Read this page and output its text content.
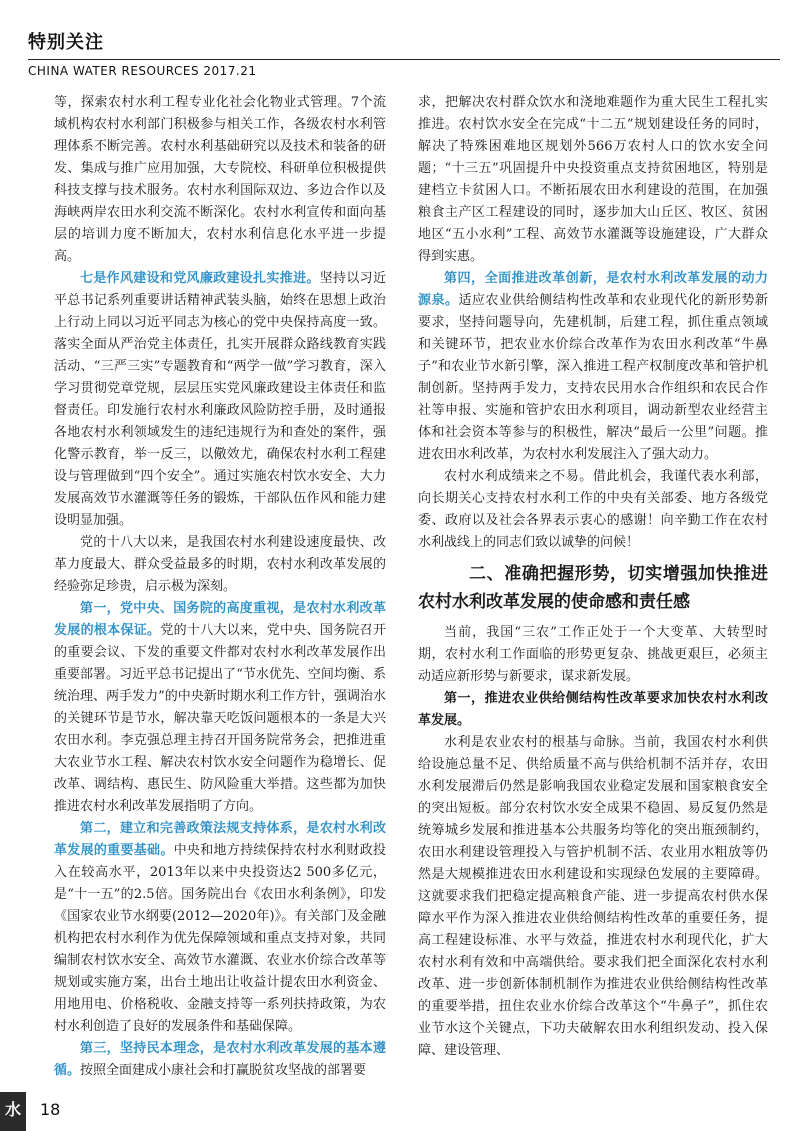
特别关注
CHINA WATER RESOURCES 2017.21

等，探索农村水利工程专业化社会化物业式管理。7个流域机构农村水利部门积极参与相关工作，各级农村水利管理体系不断完善。农村水利基础研究以及技术和装备的研发、集成与推广应用加强，大专院校、科研单位积极提供科技支撑与技术服务。农村水利国际双边、多边合作以及海峡两岸农田水利交流不断深化。农村水利宣传和面向基层的培训力度不断加大，农村水利信息化水平进一步提高。

七是作风建设和党风廉政建设扎实推进。坚持以习近平总书记系列重要讲话精神武装头脑，始终在思想上政治上行动上同以习近平同志为核心的党中央保持高度一致。落实全面从严治党主体责任，扎实开展群众路线教育实践活动、“三严三实”专题教育和“两学一做”学习教育，深入学习贯彻党章党规，层层压实党风廉政建设主体责任和监督责任。印发施行农村水利廉政风险防控手册，及时通报各地农村水利领域发生的违纪违规行为和查处的案件，强化警示教育，举一反三，以儆效尤，确保农村水利工程建设与管理做到“四个安全”。通过实施农村饮水安全、大力发展高效节水灌溉等任务的锻炼，干部队伍作风和能力建设明显加强。

党的十八大以来，是我国农村水利建设速度最快、改革力度最大、群众受益最多的时期，农村水利改革发展的经验弥足珍贵，启示极为深刻。

第一，党中央、国务院的高度重视，是农村水利改革发展的根本保证。党的十八大以来，党中央、国务院召开的重要会议、下发的重要文件都对农村水利改革发展作出重要部署。习近平总书记提出了“节水优先、空间均衡、系统治理、两手发力”的中央新时期水利工作方针，强调治水的关键环节是节水，解决靠天吃饭问题根本的一条是大兴农田水利。李克强总理主持召开国务院常务会，把推进重大农业节水工程、解决农村饮水安全问题作为稳增长、促改革、调结构、惠民生、防风险重大举措。这些都为加快推进农村水利改革发展指明了方向。

第二，建立和完善政策法规支持体系，是农村水利改革发展的重要基础。中央和地方持续保持农村水利财政投入在较高水平，2013年以来中央投资达2 500多亿元，是“十一五”的2.5倍。国务院出台《农田水利条例》，印发《国家农业节水纲要(2012—2020年)》。有关部门及金融机构把农村水利作为优先保障领域和重点支持对象，共同编制农村饮水安全、高效节水灌溉、农业水价综合改革等规划或实施方案，出台土地出让收益计提农田水利资金、用地用电、价格税收、金融支持等一系列扶持政策，为农村水利创造了良好的发展条件和基础保障。

第三，坚持民本理念，是农村水利改革发展的基本遵循。按照全面建成小康社会和打赢脱贫攻坚战的部署要

求，把解决农村群众饮水和浇地难题作为重大民生工程扎实推进。农村饮水安全在完成“十二五”规划建设任务的同时，解决了特殊困难地区规划外566万农村人口的饮水安全问题；“十三五”巩固提升中央投资重点支持贫困地区，特别是建档立卡贫困人口。不断拓展农田水利建设的范围，在加强粮食主产区工程建设的同时，逐步加大山丘区、牧区、贫困地区“五小水利”工程、高效节水灌溉等设施建设，广大群众得到实惠。

第四，全面推进改革创新，是农村水利改革发展的动力源泉。适应农业供给侧结构性改革和农业现代化的新形势新要求，坚持问题导向，先建机制，后建工程，抓住重点领域和关键环节，把农业水价综合改革作为农田水利改革“牛鼻子”和农业节水新引擎，深入推进工程产权制度改革和管护机制创新。坚持两手发力，支持农民用水合作组织和农民合作社等申报、实施和管护农田水利项目，调动新型农业经营主体和社会资本等参与的积极性，解决“最后一公里”问题。推进农田水利改革，为农村水利发展注入了强大动力。

农村水利成绩来之不易。借此机会，我谨代表水利部，向长期关心支持农村水利工作的中央有关部委、地方各级党委、政府以及社会各界表示衷心的感谢！向辛勤工作在农村水利战线上的同志们致以诚挚的问候！

二、准确把握形势，切实增强加快推进农村水利改革发展的使命感和责任感

当前，我国“三农”工作正处于一个大变革、大转型时期，农村水利工作面临的形势更复杂、挑战更艰巨，必须主动适应新形势与新要求，谋求新发展。

第一，推进农业供给侧结构性改革要求加快农村水利改革发展。

水利是农业农村的根基与命脉。当前，我国农村水利供给设施总量不足、供给质量不高与供给机制不活并存，农田水利发展滞后仍然是影响我国农业稳定发展和国家粮食安全的突出短板。部分农村饮水安全成果不稳固、易反复仍然是统筹城乡发展和推进基本公共服务均等化的突出瓶颈制约，农田水利建设管理投入与管护机制不活、农业用水粗放等仍然是大规模推进农田水利建设和实现绿色发展的主要障碍。这就要求我们把稳定提高粮食产能、进一步提高农村供水保障水平作为深入推进农业供给侧结构性改革的重要任务，提高工程建设标准、水平与效益，推进农村水利现代化，扩大农村水利有效和中高端供给。要求我们把全面深化农村水利改革、进一步创新体制机制作为推进农业供给侧结构性改革的重要举措，扭住农业水价综合改革这个“牛鼻子”，抓住农业节水这个关键点，下功夫破解农田水利组织发动、投入保障、建设管理、

水	18
